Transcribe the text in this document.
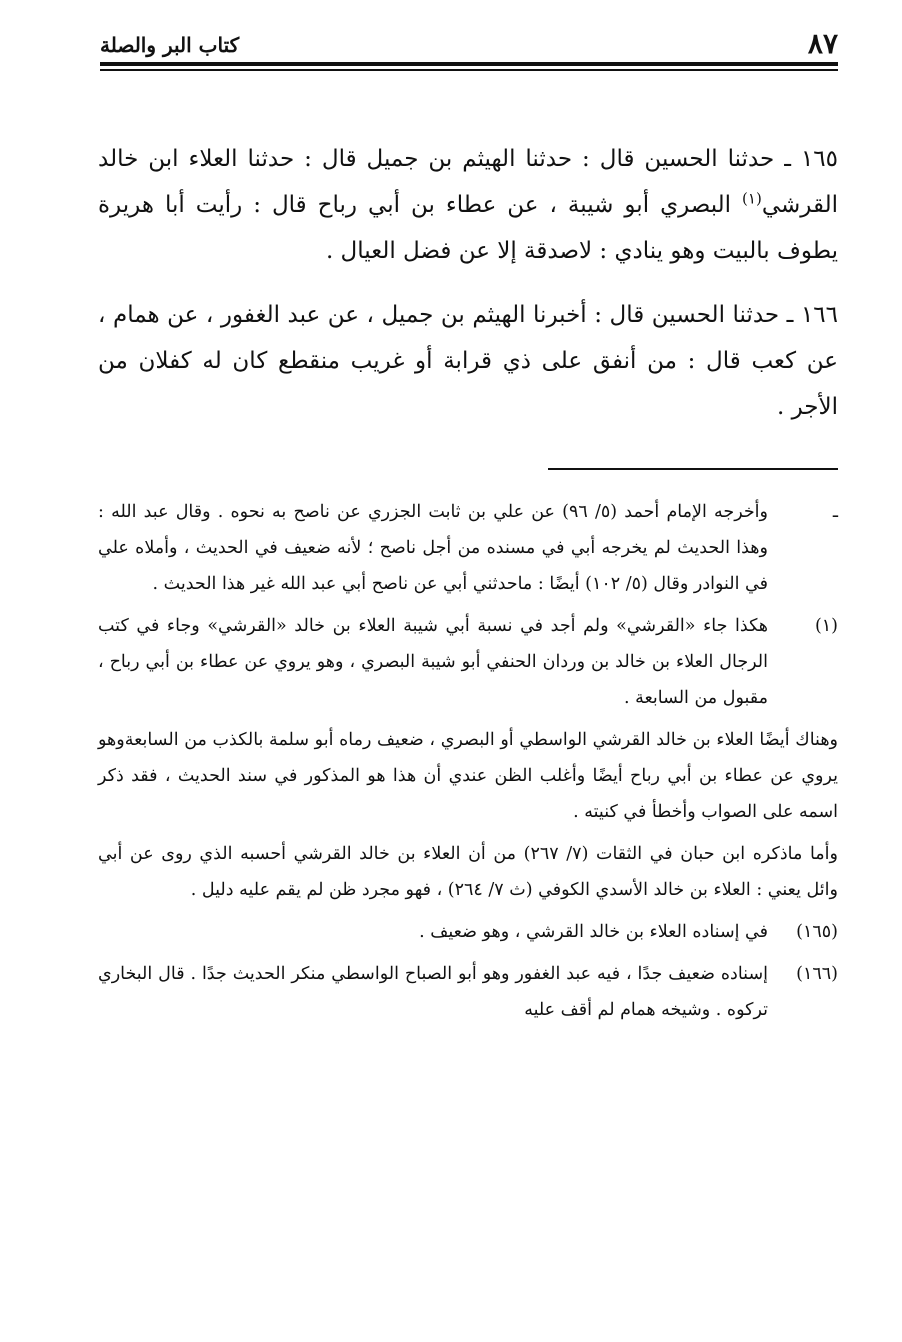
٨٧
كتاب البر والصلة

١٦٥ ـ حدثنا الحسين قال : حدثنا الهيثم بن جميل قال : حدثنا العلاء ابن خالد القرشي$^{(١)}$ البصري أبو شيبة ، عن عطاء بن أبي رباح قال : رأيت أبا هريرة يطوف بالبيت وهو ينادي : لاصدقة إلا عن فضل العيال .

١٦٦ ـ حدثنا الحسين قال : أخبرنا الهيثم بن جميل ، عن عبد الغفور ، عن همام ، عن كعب قال : من أنفق على ذي قرابة أو غريب منقطع كان له كفلان من الأجر .

ـ
وأخرجه الإمام أحمد (٥/ ٩٦) عن علي بن ثابت الجزري عن ناصح به نحوه . وقال عبد الله : وهذا الحديث لم يخرجه أبي في مسنده من أجل ناصح ؛ لأنه ضعيف في الحديث ، وأملاه علي في النوادر وقال (٥/ ١٠٢) أيضًا : ماحدثني أبي عن ناصح أبي عبد الله غير هذا الحديث .

(١)
هكذا جاء «القرشي» ولم أجد في نسبة أبي شيبة العلاء بن خالد «القرشي» وجاء في كتب الرجال العلاء بن خالد بن وردان الحنفي أبو شيبة البصري ، وهو يروي عن عطاء بن أبي رباح ، مقبول من السابعة .

وهناك أيضًا العلاء بن خالد القرشي الواسطي أو البصري ، ضعيف رماه أبو سلمة بالكذب من السابعةوهو يروي عن عطاء بن أبي رباح أيضًا وأغلب الظن عندي أن هذا هو المذكور في سند الحديث ، فقد ذكر اسمه على الصواب وأخطأ في كنيته .

وأما ماذكره ابن حبان في الثقات (٧/ ٢٦٧) من أن العلاء بن خالد القرشي أحسبه الذي روى عن أبي وائل يعني : العلاء بن خالد الأسدي الكوفي (ث ٧/ ٢٦٤) ، فهو مجرد ظن لم يقم عليه دليل .

(١٦٥)
في إسناده العلاء بن خالد القرشي ، وهو ضعيف .

(١٦٦)
إسناده ضعيف جدًا ، فيه عبد الغفور وهو أبو الصباح الواسطي منكر الحديث جدًا . قال البخاري تركوه . وشيخه همام لم أقف عليه
